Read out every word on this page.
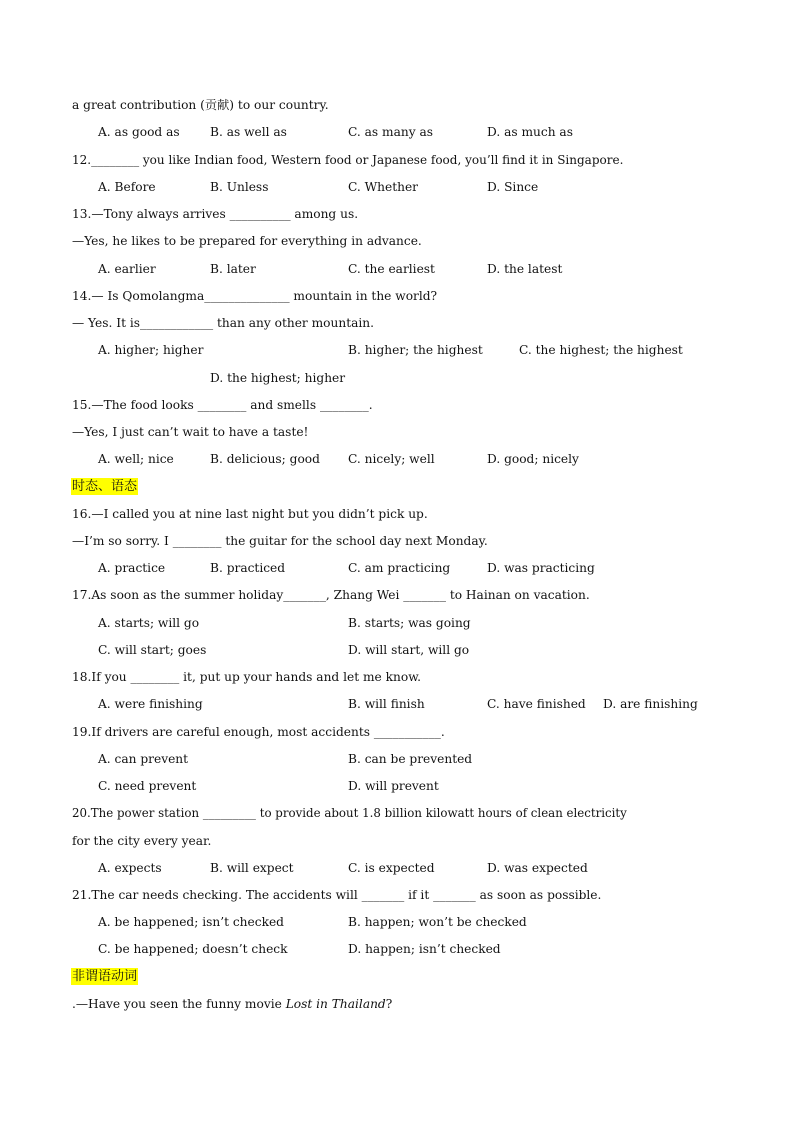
a great contribution (贡献) to our country.
A. as good as B. as well as	C. as many as	D. as much as
12.________ you like Indian food, Western food or Japanese food, you’ll find it in Singapore.
A. Before	B. Unless	C. Whether	D. Since
13.—Tony always arrives __________ among us.
—Yes, he likes to be prepared for everything in advance.
A. earlier	B. later	C. the earliest	D. the latest
14.— Is Qomolangma______________ mountain in the world?
— Yes. It is____________ than any other mountain.
A. higher; higher	B. higher; the highest	C. the highest; the highest
D. the highest; higher
15.—The food looks ________ and smells ________.
—Yes, I just can’t wait to have a taste!
A. well; nice	B. delicious; good C. nicely; well	D. good; nicely
时态、语态
16.—I called you at nine last night but you didn’t pick up.
—I’m so sorry. I ________ the guitar for the school day next Monday.
A. practice	B. practiced	C. am practicing	D. was practicing
17.As soon as the summer holiday_______, Zhang Wei _______ to Hainan on vacation.
A. starts; will go	B. starts; was going
C. will start; goes	D. will start, will go
18.If you ________ it, put up your hands and let me know.
A. were finishing	B. will finish	C. have finished D. are finishing
19.If drivers are careful enough, most accidents ___________.
A. can prevent	B. can be prevented
C. need prevent	D. will prevent
20.The power station _________ to provide about 1.8 billion kilowatt hours of clean electricity
for the city every year.
A. expects	B. will expect	C. is expected	D. was expected
21.The car needs checking. The accidents will _______ if it _______ as soon as possible.
A. be happened; isn’t checked	B. happen; won’t be checked
C. be happened; doesn’t check	D. happen; isn’t checked
非谓语动词
.—Have you seen the funny movie Lost in Thailand?
